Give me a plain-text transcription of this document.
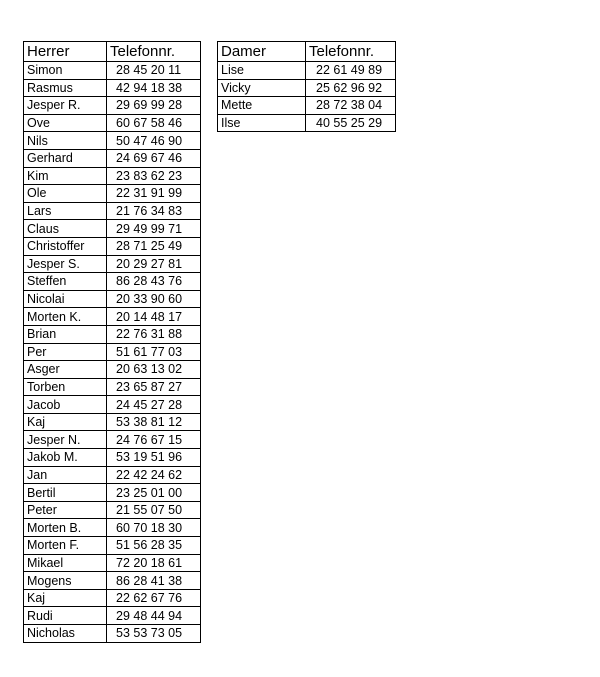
Herrer	Telefonnr.
Simon	28 45 20 11
Rasmus	42 94 18 38
Jesper R.	29 69 99 28
Ove	60 67 58 46
Nils	50 47 46 90
Gerhard	24 69 67 46
Kim	23 83 62 23
Ole	22 31 91 99
Lars	21 76 34 83
Claus	29 49 99 71
Christoffer	28 71 25 49
Jesper S.	20 29 27 81
Steffen	86 28 43 76
Nicolai	20 33 90 60
Morten K.	20 14 48 17
Brian	22 76 31 88
Per	51 61 77 03
Asger	20 63 13 02
Torben	23 65 87 27
Jacob	24 45 27 28
Kaj	53 38 81 12
Jesper N.	24 76 67 15
Jakob M.	53 19 51 96
Jan	22 42 24 62
Bertil	23 25 01 00
Peter	21 55 07 50
Morten B.	60 70 18 30
Morten F.	51 56 28 35
Mikael	72 20 18 61
Mogens	86 28 41 38
Kaj	22 62 67 76
Rudi	29 48 44 94
Nicholas	53 53 73 05
Damer	Telefonnr.
Lise	22 61 49 89
Vicky	25 62 96 92
Mette	28 72 38 04
Ilse	40 55 25 29
